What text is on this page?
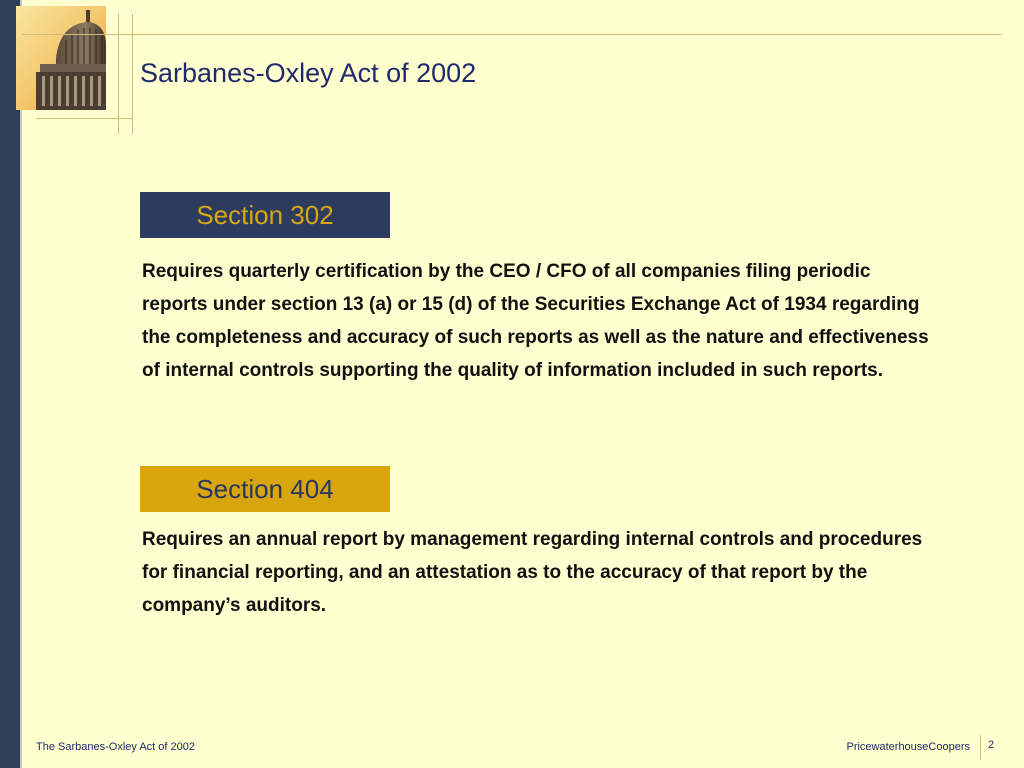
Sarbanes-Oxley Act of 2002
Section 302

Requires quarterly certification by the CEO / CFO of all companies filing periodic reports under section 13 (a) or 15 (d) of the Securities Exchange Act of 1934 regarding the completeness and accuracy of such reports as well as the nature and effectiveness of internal controls supporting the quality of information included in such reports.

Section 404

Requires an annual report by management regarding internal controls and procedures for financial reporting, and an attestation as to the accuracy of that report by the company’s auditors.

The Sarbanes-Oxley Act of 2002	PricewaterhouseCoopers 2
